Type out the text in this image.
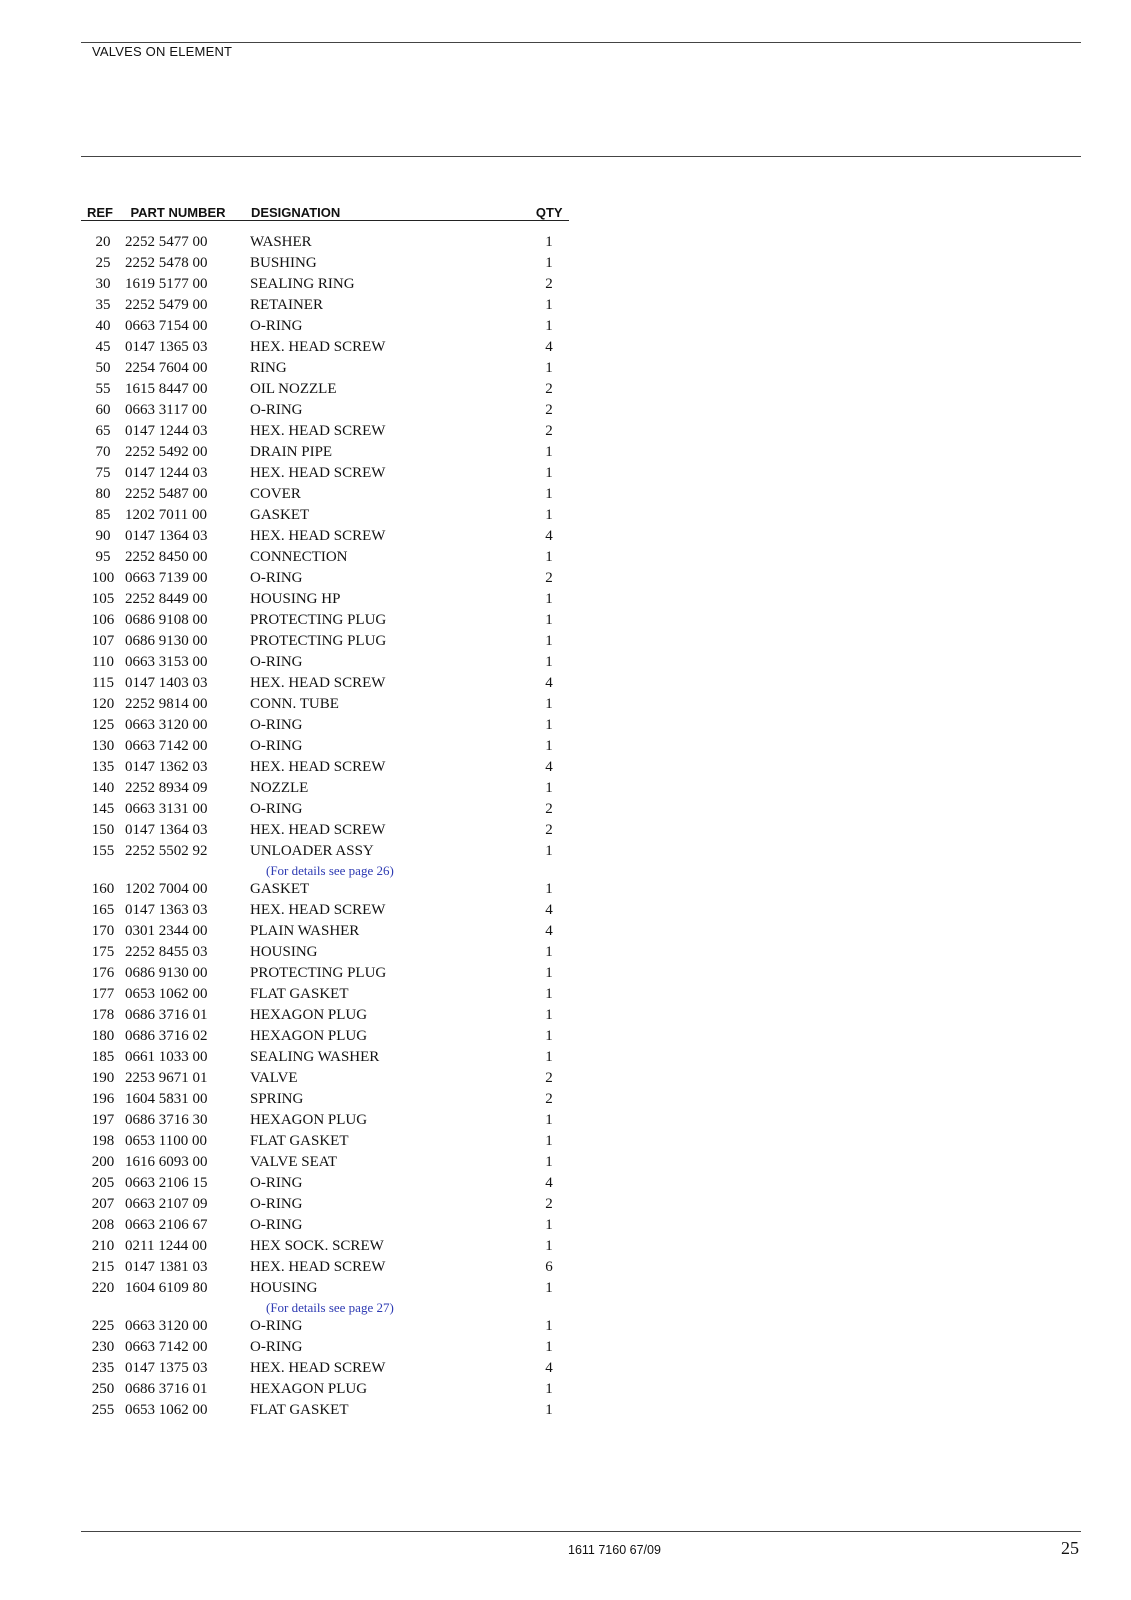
VALVES ON ELEMENT
REF	PART NUMBER	DESIGNATION	QTY
20 2252 5477 00	WASHER	1
25 2252 5478 00	BUSHING	1
30 1619 5177 00	SEALING RING	2
35 2252 5479 00	RETAINER	1
40 0663 7154 00	O-RING	1
45 0147 1365 03	HEX. HEAD SCREW	4
50 2254 7604 00	RING	1
55 1615 8447 00	OIL NOZZLE	2
60 0663 3117 00	O-RING	2
65 0147 1244 03	HEX. HEAD SCREW	2
70 2252 5492 00	DRAIN PIPE	1
75 0147 1244 03	HEX. HEAD SCREW	1
80 2252 5487 00	COVER	1
85 1202 7011 00	GASKET	1
90 0147 1364 03	HEX. HEAD SCREW	4
95 2252 8450 00	CONNECTION	1
100 0663 7139 00	O-RING	2
105 2252 8449 00	HOUSING HP	1
106 0686 9108 00	PROTECTING PLUG	1
107 0686 9130 00	PROTECTING PLUG	1
110 0663 3153 00	O-RING	1
115 0147 1403 03	HEX. HEAD SCREW	4
120 2252 9814 00	CONN. TUBE	1
125 0663 3120 00	O-RING	1
130 0663 7142 00	O-RING	1
135 0147 1362 03	HEX. HEAD SCREW	4
140 2252 8934 09	NOZZLE	1
145 0663 3131 00	O-RING	2
150 0147 1364 03	HEX. HEAD SCREW	2
155 2252 5502 92	UNLOADER ASSY	1
(For details see page 26)
160 1202 7004 00	GASKET	1
165 0147 1363 03	HEX. HEAD SCREW	4
170 0301 2344 00	PLAIN WASHER	4
175 2252 8455 03	HOUSING	1
176 0686 9130 00	PROTECTING PLUG	1
177 0653 1062 00	FLAT GASKET	1
178 0686 3716 01	HEXAGON PLUG	1
180 0686 3716 02	HEXAGON PLUG	1
185 0661 1033 00	SEALING WASHER	1
190 2253 9671 01	VALVE	2
196 1604 5831 00	SPRING	2
197 0686 3716 30	HEXAGON PLUG	1
198 0653 1100 00	FLAT GASKET	1
200 1616 6093 00	VALVE SEAT	1
205 0663 2106 15	O-RING	4
207 0663 2107 09	O-RING	2
208 0663 2106 67	O-RING	1
210 0211 1244 00	HEX SOCK. SCREW	1
215 0147 1381 03	HEX. HEAD SCREW	6
220 1604 6109 80	HOUSING	1
(For details see page 27)
225 0663 3120 00	O-RING	1
230 0663 7142 00	O-RING	1
235 0147 1375 03	HEX. HEAD SCREW	4
250 0686 3716 01	HEXAGON PLUG	1
255 0653 1062 00	FLAT GASKET	1
1611 7160 67/09	25
